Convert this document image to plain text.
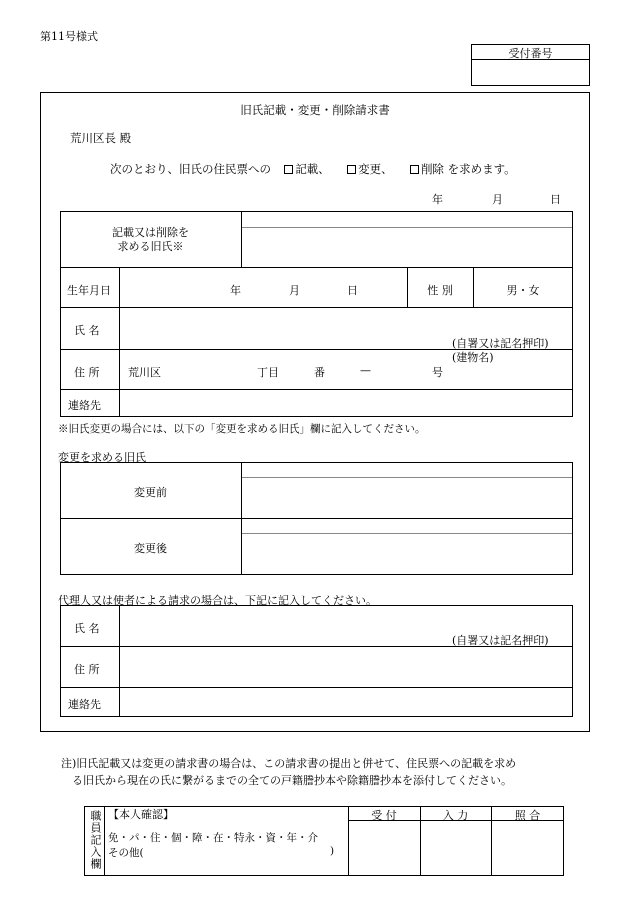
第11号様式
受付番号
旧氏記載・変更・削除請求書
荒川区長 殿
次のとおり、旧氏の住民票への 記載、 変更、 削除 を求めます。
年	月	日
記載又は削除を
求める旧氏※
生年月日	年	月	日	性 別	男・女
氏 名
(自署又は記名押印)
(建物名)
住 所	荒川区	丁目	番	—	号
連絡先
※旧氏変更の場合には、以下の「変更を求める旧氏」欄に記入してください。
変更を求める旧氏
変更前
変更後
代理人又は使者による請求の場合は、下記に記入してください。
氏 名
(自署又は記名押印)
住 所
連絡先
注)旧氏記載又は変更の請求書の場合は、この請求書の提出と併せて、住民票への記載を求め
る旧氏から現在の氏に繋がるまでの全ての戸籍謄抄本や除籍謄抄本を添付してください。
職員記入欄 【本人確認】
免・パ・住・個・障・在・特永・資・年・介
その他(	)
受 付	入 力	照 合
